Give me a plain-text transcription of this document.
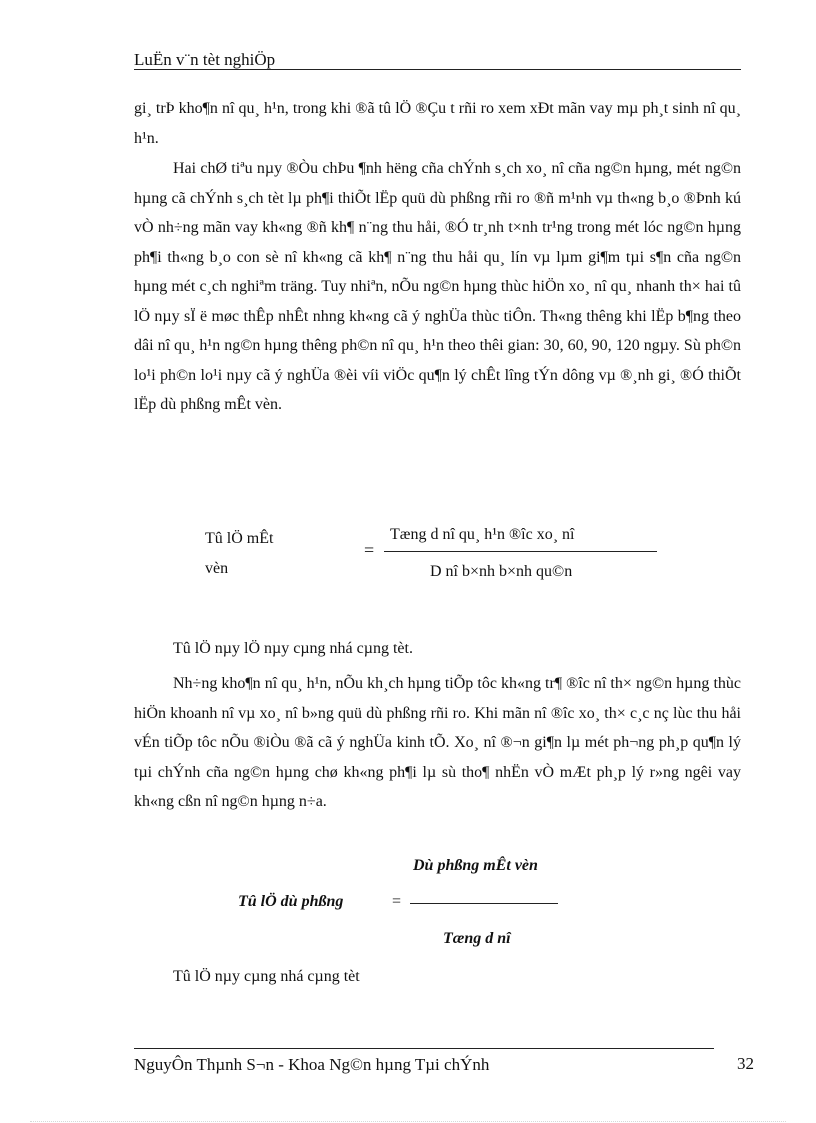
LuËn v¨n tèt nghiÖp

gi¸ trÞ kho¶n nî qu¸ h¹n, trong khi ®ã tû lÖ ®Çu t rñi ro xem xÐt mãn vay mµ ph¸t sinh nî qu¸ h¹n.

Hai chØ tiªu nµy ®Òu chÞu ¶nh hëng cña chÝnh s¸ch xo¸ nî cña ng©n hµng, mét ng©n hµng cã chÝnh s¸ch tèt lµ ph¶i thiÕt lËp quü dù phßng rñi ro ®ñ m¹nh vµ th«ng b¸o ®Þnh kú vÒ nh÷ng mãn vay kh«ng ®ñ kh¶ n¨ng thu håi, ®Ó tr¸nh t×nh tr¹ng trong mét lóc ng©n hµng ph¶i th«ng b¸o con sè nî kh«ng cã kh¶ n¨ng thu håi qu¸ lín vµ lµm gi¶m tµi s¶n cña ng©n hµng mét c¸ch nghiªm träng. Tuy nhiªn, nÕu ng©n hµng thùc hiÖn xo¸ nî qu¸ nhanh th× hai tû lÖ nµy sÏ ë møc thÊp nhÊt nhng kh«ng cã ý nghÜa thùc tiÔn. Th«ng thêng khi lËp b¶ng theo dâi nî qu¸ h¹n ng©n hµng thêng ph©n nî qu¸ h¹n theo thêi gian: 30, 60, 90, 120 ngµy. Sù ph©n lo¹i ph©n lo¹i nµy cã ý nghÜa ®èi víi viÖc qu¶n lý chÊt lîng tÝn dông vµ ®¸nh gi¸ ®Ó thiÕt lËp dù phßng mÊt vèn.

Tû lÖ mÊt
vèn
=
Tæng d nî qu¸ h¹n ®îc xo¸ nî
D nî b×nh b×nh qu©n

Tû lÖ nµy lÖ nµy cµng nhá cµng tèt.

Nh÷ng kho¶n nî qu¸ h¹n, nÕu kh¸ch hµng tiÕp tôc kh«ng tr¶ ®îc nî th× ng©n hµng thùc hiÖn khoanh nî vµ xo¸ nî b»ng quü dù phßng rñi ro. Khi mãn nî ®îc xo¸ th× c¸c nç lùc thu håi vÉn tiÕp tôc nÕu ®iÒu ®ã cã ý nghÜa kinh tÕ. Xo¸ nî ®¬n gi¶n lµ mét ph¬ng ph¸p qu¶n lý tµi chÝnh cña ng©n hµng chø kh«ng ph¶i lµ sù tho¶ nhËn vÒ mÆt ph¸p lý r»ng ngêi vay kh«ng cßn nî ng©n hµng n÷a.

Dù phßng mÊt vèn
Tû lÖ dù phßng	=
Tæng d nî

Tû lÖ nµy cµng nhá cµng tèt

NguyÔn Thµnh S¬n - Khoa Ng©n hµng Tµi chÝnh	32
